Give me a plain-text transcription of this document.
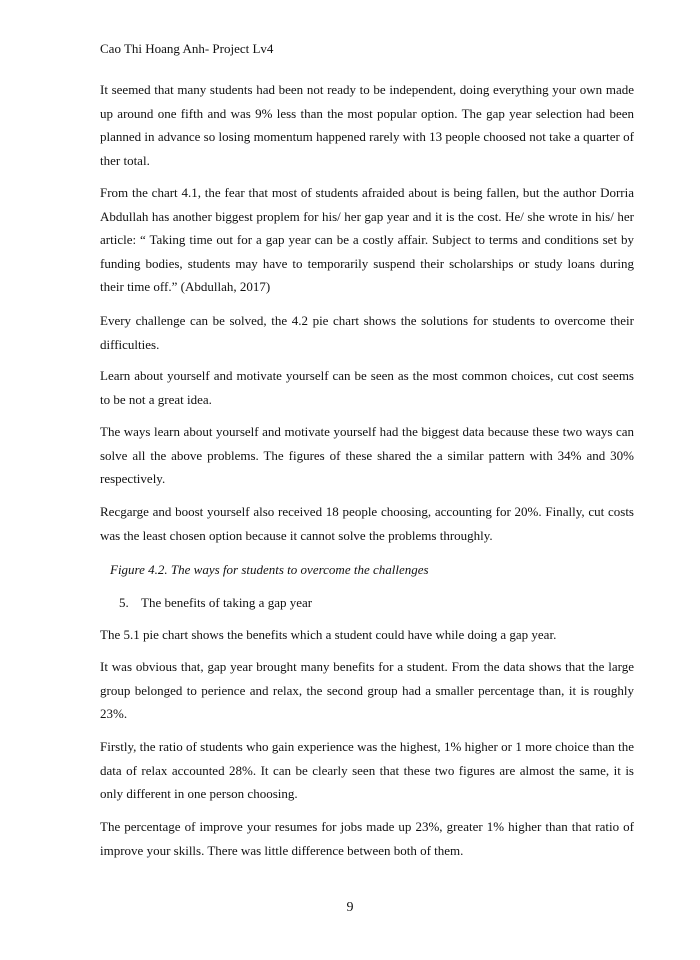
Cao Thi Hoang Anh- Project Lv4

It seemed that many students had been not ready to be independent, doing everything your own made up around one fifth and was 9% less than the most popular option. The gap year selection had been planned in advance so losing momentum happened rarely with 13 people choosed not take a quarter of ther total.

From the chart 4.1, the fear that most of students afraided about is being fallen, but the author Dorria Abdullah has another biggest proplem for his/ her gap year and it is the cost. He/ she wrote in his/ her article: “ Taking time out for a gap year can be a costly affair. Subject to terms and conditions set by funding bodies, students may have to temporarily suspend their scholarships or study loans during their time off.” (Abdullah, 2017)

Every challenge can be solved, the 4.2 pie chart shows the solutions for students to overcome their difficulties.

Learn about yourself and motivate yourself can be seen as the most common choices, cut cost seems to be not a great idea.

The ways learn about yourself and motivate yourself had the biggest data because these two ways can solve all the above problems. The figures of these shared the a similar pattern with 34% and 30% respectively.

Recgarge and boost yourself also received 18 people choosing, accounting for 20%. Finally, cut costs was the least chosen option because it cannot solve the problems throughly.

Figure 4.2. The ways for students to overcome the challenges
5. The benefits of taking a gap year

The 5.1 pie chart shows the benefits which a student could have while doing a gap year.

It was obvious that, gap year brought many benefits for a student. From the data shows that the large group belonged to perience and relax, the second group had a smaller percentage than, it is roughly 23%.

Firstly, the ratio of students who gain experience was the highest, 1% higher or 1 more choice than the data of relax accounted 28%. It can be clearly seen that these two figures are almost the same, it is only different in one person choosing.

The percentage of improve your resumes for jobs made up 23%, greater 1% higher than that ratio of improve your skills. There was little difference between both of them.

9
